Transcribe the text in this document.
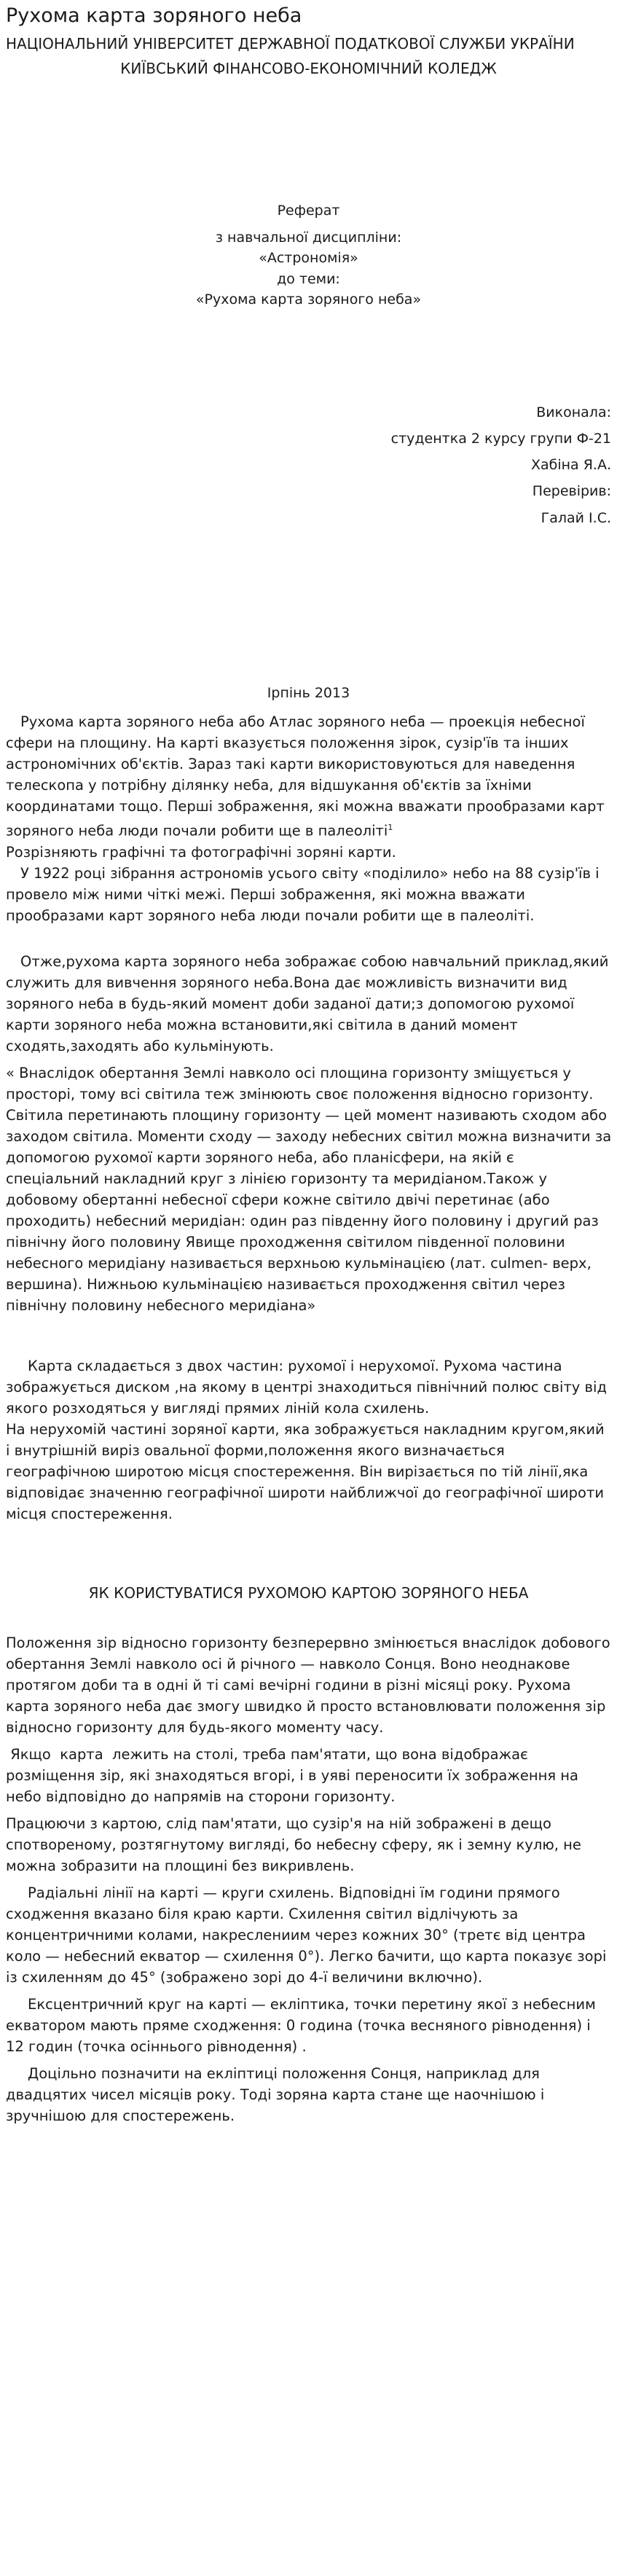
Рухома карта зоряного неба
НАЦІОНАЛЬНИЙ УНІВЕРСИТЕТ ДЕРЖАВНОЇ ПОДАТКОВОЇ СЛУЖБИ УКРАЇНИ
КИЇВСЬКИЙ ФІНАНСОВО-ЕКОНОМІЧНИЙ КОЛЕДЖ
Реферат
з навчальної дисципліни:
«Астрономія»
до теми:
«Рухома карта зоряного неба»
Виконала:
студентка 2 курсу групи Ф-21
Хабіна Я.А.
Перевірив:
Галай І.С.
Ірпінь 2013

Рухома карта зоряного неба або Атлас зоряного неба — проекція небесної сфери на площину. На карті вказується положення зірок, сузір'їв та інших астрономічних об'єктів. Зараз такі карти використовуються для наведення телескопа у потрібну ділянку неба, для відшукання об'єктів за їхніми координатами тощо. Перші зображення, які можна вважати прообразами карт зоряного неба люди почали робити ще в палеоліті$^1$

Розрізняють графічні та фотографічні зоряні карти.

У 1922 році зібрання астрономів усього світу «поділило» небо на 88 сузір'їв і провело між ними чіткі межі. Перші зображення, які можна вважати прообразами карт зоряного неба люди почали робити ще в палеоліті.

Отже,рухома карта зоряного неба зображає собою навчальний приклад,який служить для вивчення зоряного неба.Вона дає можливість визначити вид зоряного неба в будь-який момент доби заданої дати;з допомогою рухомої карти зоряного неба можна встановити,які світила в даний момент сходять,заходять або кульмінують.

« Внаслідок обертання Землі навколо осі площина горизонту зміщується у просторі, тому всі світила теж змінюють своє положення відносно горизонту. Світила перетинають площину горизонту — цей момент називають сходом або заходом світила. Моменти сходу — заходу небесних світил можна визначити за допомогою рухомої карти зоряного неба, або планісфери, на якій є спеціальний накладний круг з лінією горизонту та меридіаном.Також у добовому обертанні небесної сфери кожне світило двічі перетинає (або проходить) небесний меридіан: один раз південну його половину і другий раз північну його половину Явище проходження світилом південної половини небесного меридіану називається верхньою кульмінацією (лат. culmen- верх, вершина). Нижньою кульмінацією називається проходження світил через північну половину небесного меридіана»

Карта складається з двох частин: рухомої і нерухомої. Рухома частина зображується диском ,на якому в центрі знаходиться північний полюс світу від якого розходяться у вигляді прямих ліній кола схилень.

На нерухомій частині зоряної карти, яка зображується накладним кругом,який і внутрішній виріз овальної форми,положення якого визначається географічною широтою місця спостереження. Він вирізається по тій лінії,яка відповідає значенню географічної широти найближчої до географічної широти місця спостереження.

ЯК КОРИСТУВАТИСЯ РУХОМОЮ КАРТОЮ ЗОРЯНОГО НЕБА

Положення зір відносно горизонту безперервно змінюється внаслідок добового обертання Землі навколо осі й річного — навколо Сонця. Воно неоднакове протягом доби та в одні й ті самі вечірні години в різні місяці року. Рухома карта зоряного неба дає змогу швидко й просто встановлювати положення зір відносно горизонту для будь-якого моменту часу.

Якщо  карта  лежить на столі, треба пам'ятати, що вона відображає розміщення зір, які знаходяться вгорі, і в уяві переносити їх зображення на небо відповідно до напрямів на сторони горизонту.

Працюючи з картою, слід пам'ятати, що сузір'я на ній зображені в дещо спотвореному, розтягнутому вигляді, бо небесну сферу, як і земну кулю, не можна зобразити на площині без викривлень.

Радіальні лінії на карті — круги схилень. Відповідні їм години прямого сходження вказано біля краю карти. Схилення світил відлічують за концентричними колами, накреслениим через кожних 30° (третє від центра коло — небесний екватор — схилення 0°). Легко бачити, що карта показує зорі із схиленням до 45° (зображено зорі до 4-ї величини включно).

Ексцентричний круг на карті — екліптика, точки перетину якої з небесним екватором мають пряме сходження: 0 година (точка весняного рівнодення) і 12 годин (точка осіннього рівнодення) .

Доцільно позначити на екліптиці положення Сонця, наприклад для двадцятих чисел місяців року. Тоді зоряна карта стане ще наочнішою і зручнішою для спостережень.
